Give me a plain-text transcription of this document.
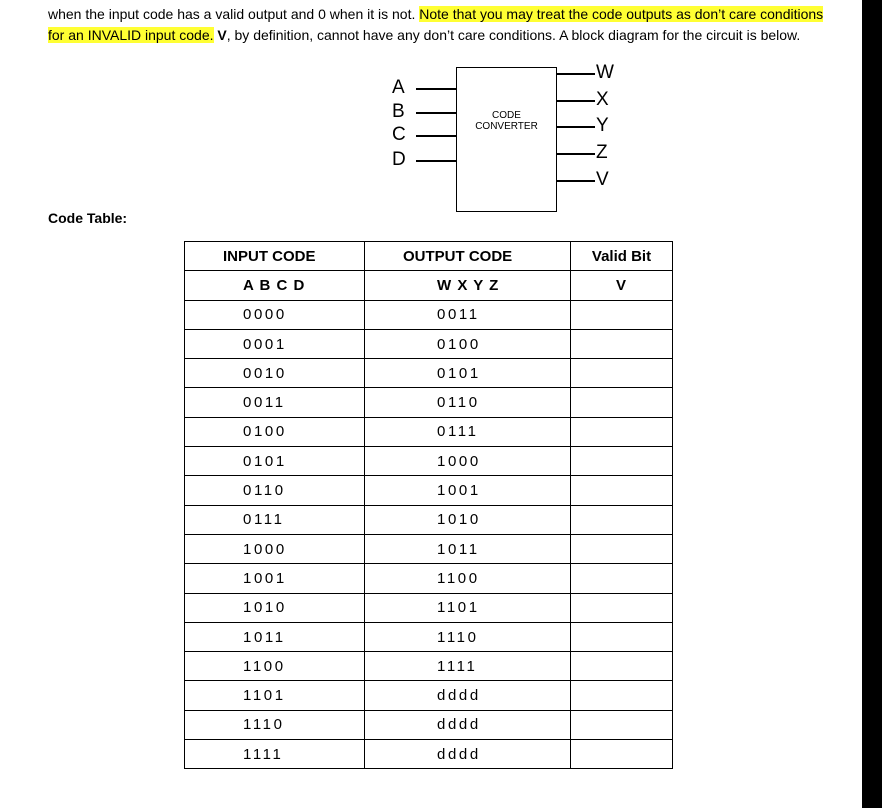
when the input code has a valid output and 0 when it is not. Note that you may treat the code outputs as don’t care conditions for an INVALID input code. V, by definition, cannot have any don’t care conditions. A block diagram for the circuit is below.
A
B
C
D
CODE
CONVERTER
W
X
Y
Z
V
Code Table:
INPUT CODE	OUTPUT CODE	Valid Bit
A B C D	W X Y Z	V
0000	0011	
0001	0100	
0010	0101	
0011	0110	
0100	0111	
0101	1000	
0110	1001	
0111	1010	
1000	1011	
1001	1100	
1010	1101	
1011	1110	
1100	1111	
1101	dddd	
1110	dddd	
1111	dddd	
